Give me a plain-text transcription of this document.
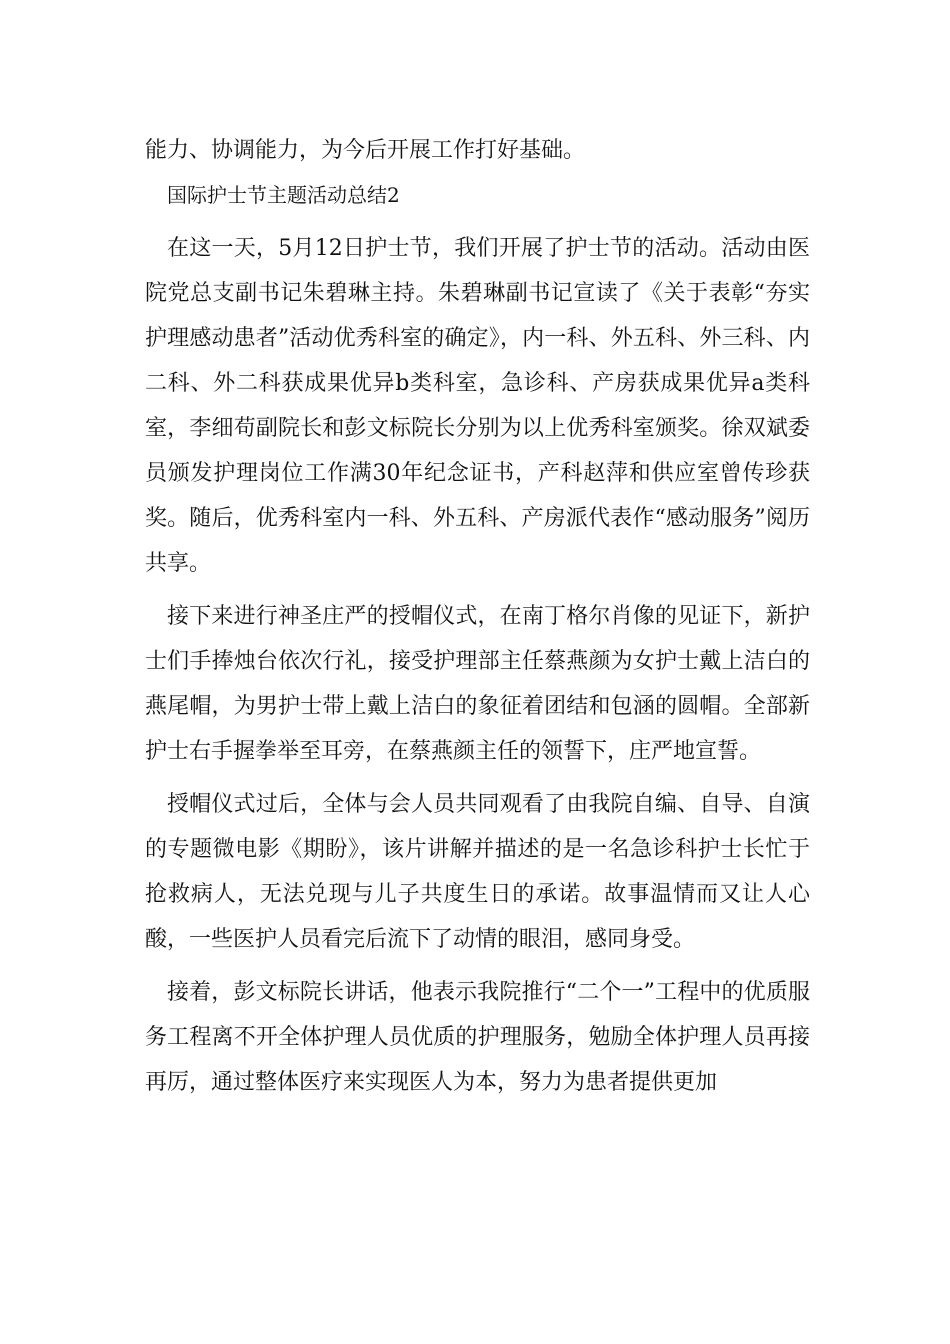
能力、协调能力，为今后开展工作打好基础。

国际护士节主题活动总结2

在这一天，5月12日护士节，我们开展了护士节的活动。活动由医院党总支副书记朱碧琳主持。朱碧琳副书记宣读了《关于表彰“夯实护理感动患者”活动优秀科室的确定》，内一科、外五科、外三科、内二科、外二科获成果优异b类科室，急诊科、产房获成果优异a类科室，李细苟副院长和彭文标院长分别为以上优秀科室颁奖。徐双斌委员颁发护理岗位工作满30年纪念证书，产科赵萍和供应室曾传珍获奖。随后，优秀科室内一科、外五科、产房派代表作“感动服务”阅历共享。

接下来进行神圣庄严的授帽仪式，在南丁格尔肖像的见证下，新护士们手捧烛台依次行礼，接受护理部主任蔡燕颜为女护士戴上洁白的燕尾帽，为男护士带上戴上洁白的象征着团结和包涵的圆帽。全部新护士右手握拳举至耳旁，在蔡燕颜主任的领誓下，庄严地宣誓。

授帽仪式过后，全体与会人员共同观看了由我院自编、自导、自演的专题微电影《期盼》，该片讲解并描述的是一名急诊科护士长忙于抢救病人，无法兑现与儿子共度生日的承诺。故事温情而又让人心酸，一些医护人员看完后流下了动情的眼泪，感同身受。

接着，彭文标院长讲话，他表示我院推行“二个一”工程中的优质服务工程离不开全体护理人员优质的护理服务，勉励全体护理人员再接再厉，通过整体医疗来实现医人为本，努力为患者提供更加
